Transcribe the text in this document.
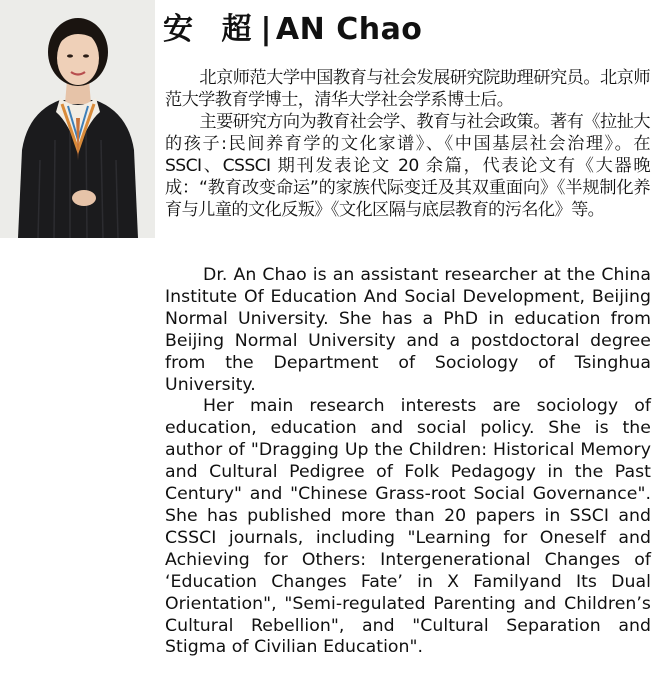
安 超| AN Chao

北京师范大学中国教育与社会发展研究院助理研究员。北京师范大学教育学博士，清华大学社会学系博士后。

主要研究方向为教育社会学、教育与社会政策。著有《拉扯大的孩子:民间养育学的文化家谱》、《中国基层社会治理》。在 SSCI、CSSCI 期刊发表论文 20 余篇，代表论文有《大器晚成：“教育改变命运”的家族代际变迁及其双重面向》《半规制化养育与儿童的文化反叛》《文化区隔与底层教育的污名化》等。

Dr. An Chao is an assistant researcher at the China Institute Of Education And Social Development, Beijing Normal University. She has a PhD in education from Beijing Normal University and a postdoctoral degree from the Department of Sociology of Tsinghua University.

Her main research interests are sociology of education, education and social policy. She is the author of "Dragging Up the Children: Historical Memory and Cultural Pedigree of Folk Pedagogy in the Past Century" and "Chinese Grass-root Social Governance". She has published more than 20 papers in SSCI and CSSCI journals, including "Learning for Oneself and Achieving for Others: Intergenerational Changes of ‘Education Changes Fate’ in X Familyand Its Dual Orientation", "Semi-regulated Parenting and Children’s Cultural Rebellion", and "Cultural Separation and Stigma of Civilian Education".
